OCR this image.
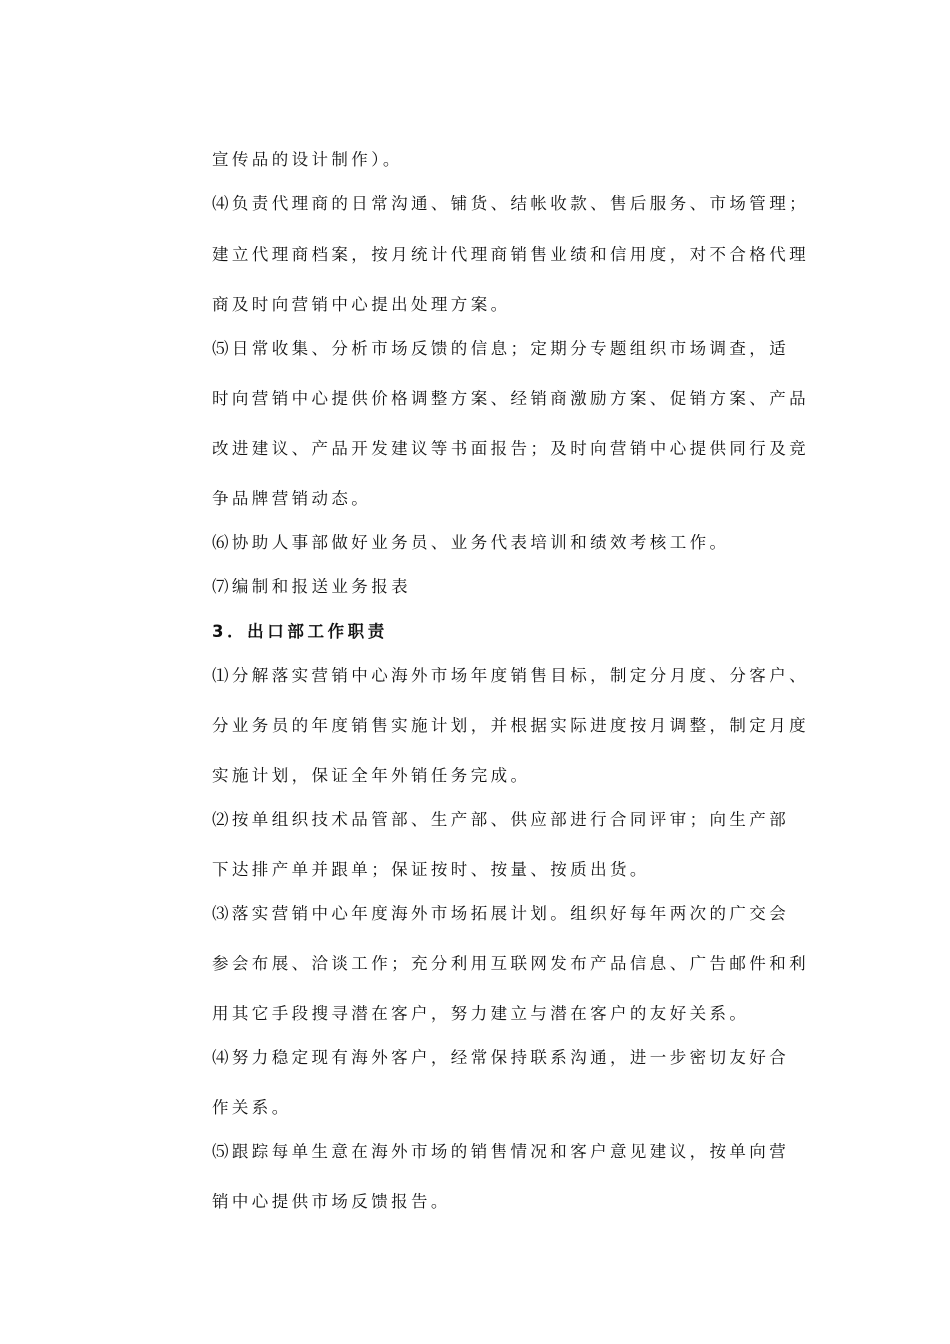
宣传品的设计制作）。
⑷负责代理商的日常沟通、铺货、结帐收款、售后服务、市场管理；
建立代理商档案，按月统计代理商销售业绩和信用度，对不合格代理
商及时向营销中心提出处理方案。
⑸日常收集、分析市场反馈的信息；定期分专题组织市场调查，适
时向营销中心提供价格调整方案、经销商激励方案、促销方案、产品
改进建议、产品开发建议等书面报告；及时向营销中心提供同行及竞
争品牌营销动态。
⑹协助人事部做好业务员、业务代表培训和绩效考核工作。
⑺编制和报送业务报表
3．出口部工作职责
⑴分解落实营销中心海外市场年度销售目标，制定分月度、分客户、
分业务员的年度销售实施计划，并根据实际进度按月调整，制定月度
实施计划，保证全年外销任务完成。
⑵按单组织技术品管部、生产部、供应部进行合同评审；向生产部
下达排产单并跟单；保证按时、按量、按质出货。
⑶落实营销中心年度海外市场拓展计划。组织好每年两次的广交会
参会布展、洽谈工作；充分利用互联网发布产品信息、广告邮件和利
用其它手段搜寻潜在客户，努力建立与潜在客户的友好关系。
⑷努力稳定现有海外客户，经常保持联系沟通，进一步密切友好合
作关系。
⑸跟踪每单生意在海外市场的销售情况和客户意见建议，按单向营
销中心提供市场反馈报告。
